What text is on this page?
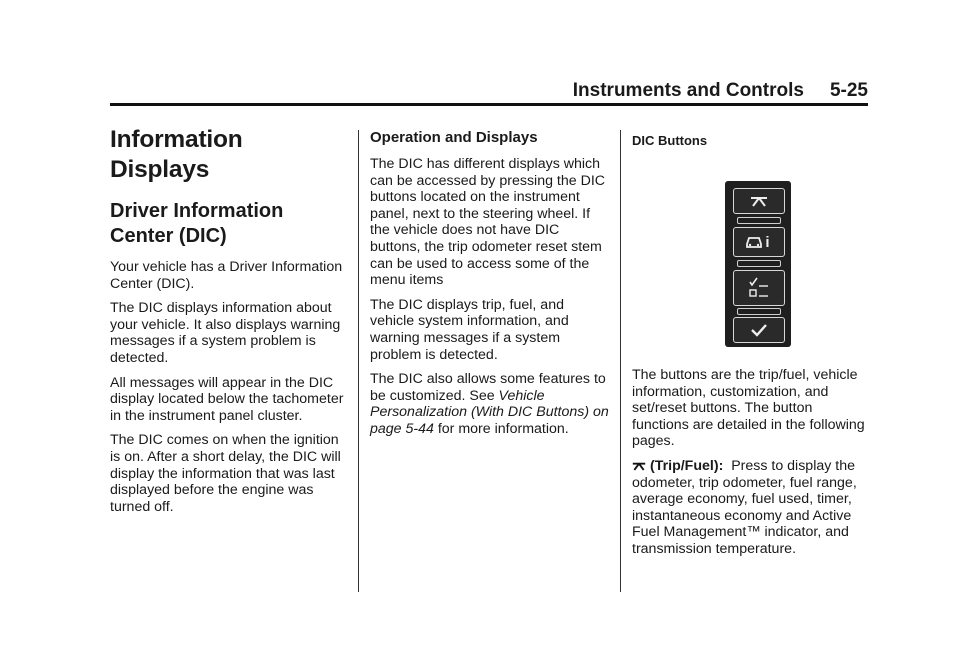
Instruments and Controls 5-25
Information Displays
Driver Information Center (DIC)

Your vehicle has a Driver Information Center (DIC).

The DIC displays information about your vehicle. It also displays warning messages if a system problem is detected.

All messages will appear in the DIC display located below the tachometer in the instrument panel cluster.

The DIC comes on when the ignition is on. After a short delay, the DIC will display the information that was last displayed before the engine was turned off.

Operation and Displays

The DIC has different displays which can be accessed by pressing the DIC buttons located on the instrument panel, next to the steering wheel. If the vehicle does not have DIC buttons, the trip odometer reset stem can be used to access some of the menu items

The DIC displays trip, fuel, and vehicle system information, and warning messages if a system problem is detected.

The DIC also allows some features to be customized. See Vehicle Personalization (With DIC Buttons) on page 5-44 for more information.

DIC Buttons
i

The buttons are the trip/fuel, vehicle information, customization, and set/reset buttons. The button functions are detailed in the following pages.

(Trip/Fuel): Press to display the odometer, trip odometer, fuel range, average economy, fuel used, timer, instantaneous economy and Active Fuel Management™ indicator, and transmission temperature.
